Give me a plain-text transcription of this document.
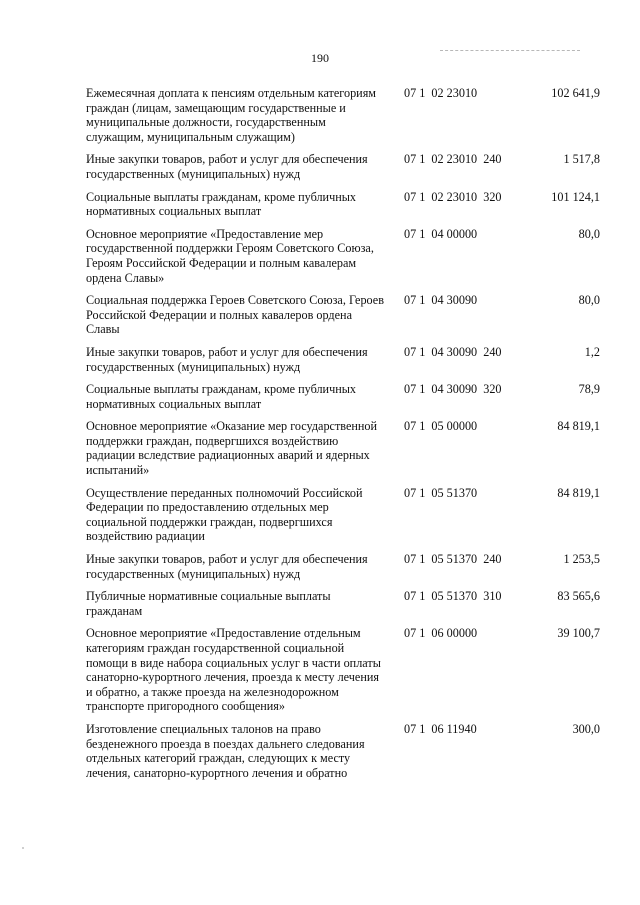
190
Ежемесячная доплата к пенсиям отдельным категориям граждан (лицам, замещающим государственные и муниципальные должности, государственным служащим, муниципальным служащим)
07 1  02 23010	102 641,9
Иные закупки товаров, работ и услуг для обеспечения государственных (муниципальных) нужд
07 1  02 23010  240	1 517,8
Социальные выплаты гражданам, кроме публичных нормативных социальных выплат
07 1  02 23010  320	101 124,1
Основное мероприятие «Предоставление мер государственной поддержки Героям Советского Союза, Героям Российской Федерации и полным кавалерам ордена Славы»
07 1  04 00000	80,0
Социальная поддержка Героев Советского Союза, Героев Российской Федерации и полных кавалеров ордена Славы
07 1  04 30090	80,0
Иные закупки товаров, работ и услуг для обеспечения государственных (муниципальных) нужд
07 1  04 30090  240	1,2
Социальные выплаты гражданам, кроме публичных нормативных социальных выплат
07 1  04 30090  320	78,9
Основное мероприятие «Оказание мер государственной поддержки граждан, подвергшихся воздействию радиации вследствие радиационных аварий и ядерных испытаний»
07 1  05 00000	84 819,1
Осуществление переданных полномочий Российской Федерации по предоставлению отдельных мер социальной поддержки граждан, подвергшихся воздействию радиации
07 1  05 51370	84 819,1
Иные закупки товаров, работ и услуг для обеспечения государственных (муниципальных) нужд
07 1  05 51370  240	1 253,5
Публичные нормативные социальные выплаты гражданам
07 1  05 51370  310	83 565,6
Основное мероприятие «Предоставление отдельным категориям граждан государственной социальной помощи в виде набора социальных услуг в части оплаты санаторно-курортного лечения, проезда к месту лечения и обратно, а также проезда на железнодорожном транспорте пригородного сообщения»
07 1  06 00000	39 100,7
Изготовление специальных талонов на право безденежного проезда в поездах дальнего следования отдельных категорий граждан, следующих к месту лечения, санаторно-курортного лечения и обратно
07 1  06 11940	300,0
